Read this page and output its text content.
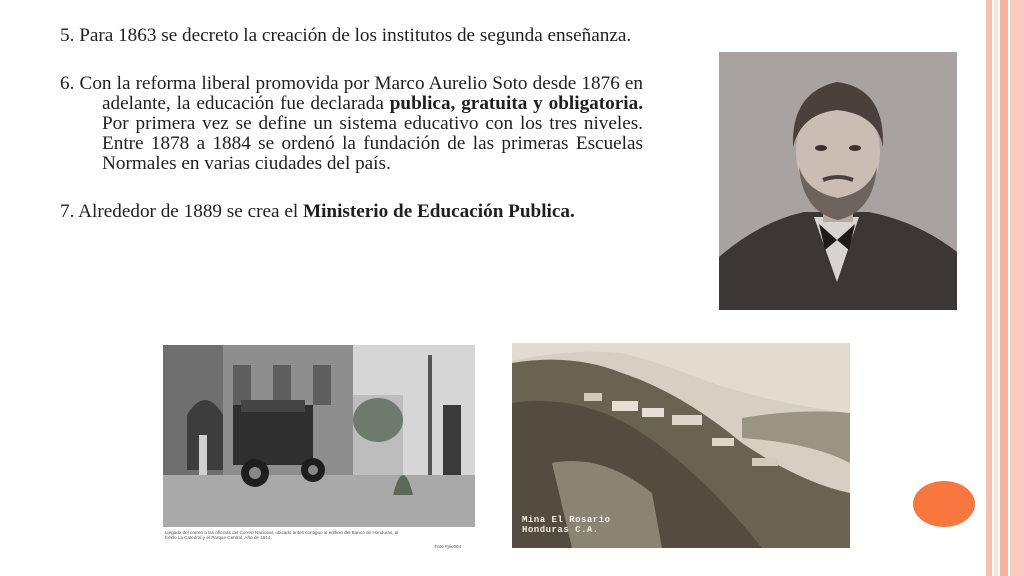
5. Para 1863 se decreto la creación de los institutos de segunda enseñanza.

6. Con la reforma liberal promovida por Marco Aurelio Soto desde 1876 en adelante, la educación fue declarada publica, gratuita y obligatoria. Por primera vez se define un sistema educativo con los tres niveles. Entre 1878 a 1884 se ordenó la fundación de las primeras Escuelas Normales en varias ciudades del país.

7. Alrededor de 1889 se crea el Ministerio de Educación Publica.

Llegada del correo a las oficinas del Correo Nacional, ubicado antes contiguo al edificio del Banco de Honduras, al fondo La Catedral y el Parque Central. Año de 1914.
Foto #pic004
Mina El Rosario
Honduras C.A.
